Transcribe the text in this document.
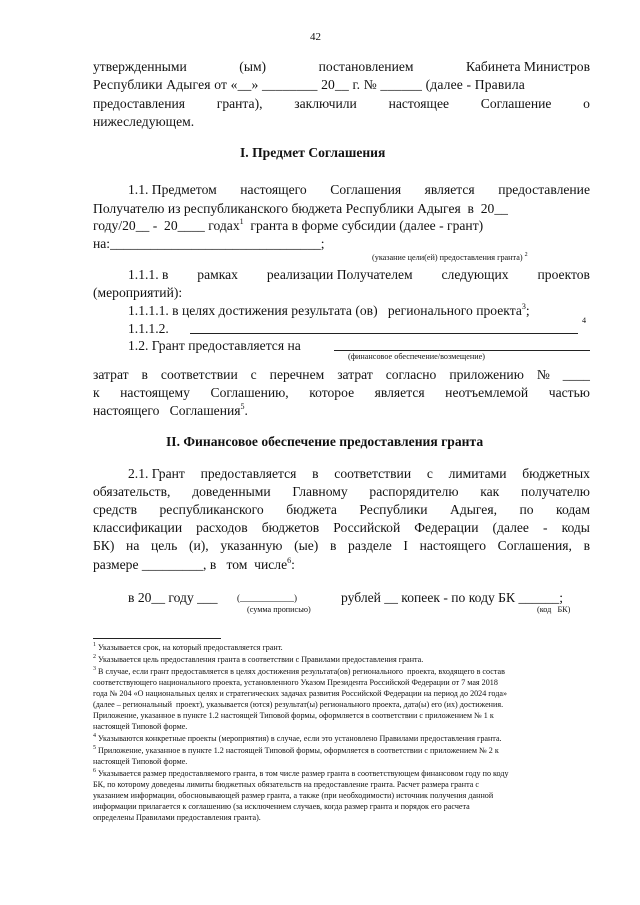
42
утвержденными	(ым)	постановлением	Кабинета Министров
Республики Адыгея от «__» ________ 20__ г. № ______ (далее - Правила
предоставления гранта), заключили настоящее Соглашение о
нижеследующем.
I. Предмет Соглашения
1.1. Предметом настоящего Соглашения является предоставление
Получателю из республиканского бюджета Республики Адыгея  в  20__
году/20__ -  20____ годах$^1$  гранта в форме субсидии (далее - грант)
на:_______________________________;
(указание цели(ей) предоставления гранта) $^2$
1.1.1. в рамках реализации Получателем следующих проектов
(мероприятий):
1.1.1.1. в целях достижения результата (ов)   регионального проекта$^3$;
1.1.1.2.
4
1.2. Грант предоставляется на
(финансовое обеспечение/возмещение)
затрат в соответствии с перечнем затрат согласно приложению № ____
к настоящему Соглашению, которое является неотъемлемой частью
настоящего   Соглашения$^5$.
II. Финансовое обеспечение предоставления гранта
2.1. Грант предоставляется в соответствии с лимитами бюджетных
обязательств, доведенными Главному распорядителю как получателю
средств республиканского бюджета Республики Адыгея, по кодам
классификации расходов бюджетов Российской Федерации (далее - коды
БК) на цель (и), указанную (ые) в разделе I настоящего Соглашения, в
размере _________, в   том  числе$^6$:
в 20__ году ___ (____________)	рублей __ копеек - по коду БК ______;
(сумма прописью)	(код   БК)
$^1$ Указывается срок, на который предоставляется грант.
$^2$ Указывается цель предоставления гранта в соответствии с Правилами предоставления гранта.
$^3$ В случае, если грант предоставляется в целях достижения результата(ов) регионального  проекта, входящего в состав
соответствующего национального проекта, установленного Указом Президента Российской Федерации от 7 мая 2018
года № 204 «О национальных целях и стратегических задачах развития Российской Федерации на период до 2024 года»
(далее – региональный  проект), указывается (ются) результат(ы) регионального проекта, дата(ы) его (их) достижения.
Приложение, указанное в пункте 1.2 настоящей Типовой формы, оформляется в соответствии с приложением № 1 к
настоящей Типовой форме.
$^4$ Указываются конкретные проекты (мероприятия) в случае, если это установлено Правилами предоставления гранта.
$^5$ Приложение, указанное в пункте 1.2 настоящей Типовой формы, оформляется в соответствии с приложением № 2 к
настоящей Типовой форме.
$^6$ Указывается размер предоставляемого гранта, в том числе размер гранта в соответствующем финансовом году по коду
БК, по которому доведены лимиты бюджетных обязательств на предоставление гранта. Расчет размера гранта с
указанием информации, обосновывающей размер гранта, а также (при необходимости) источник получения данной
информации прилагается к соглашению (за исключением случаев, когда размер гранта и порядок его расчета
определены Правилами предоставления гранта).
